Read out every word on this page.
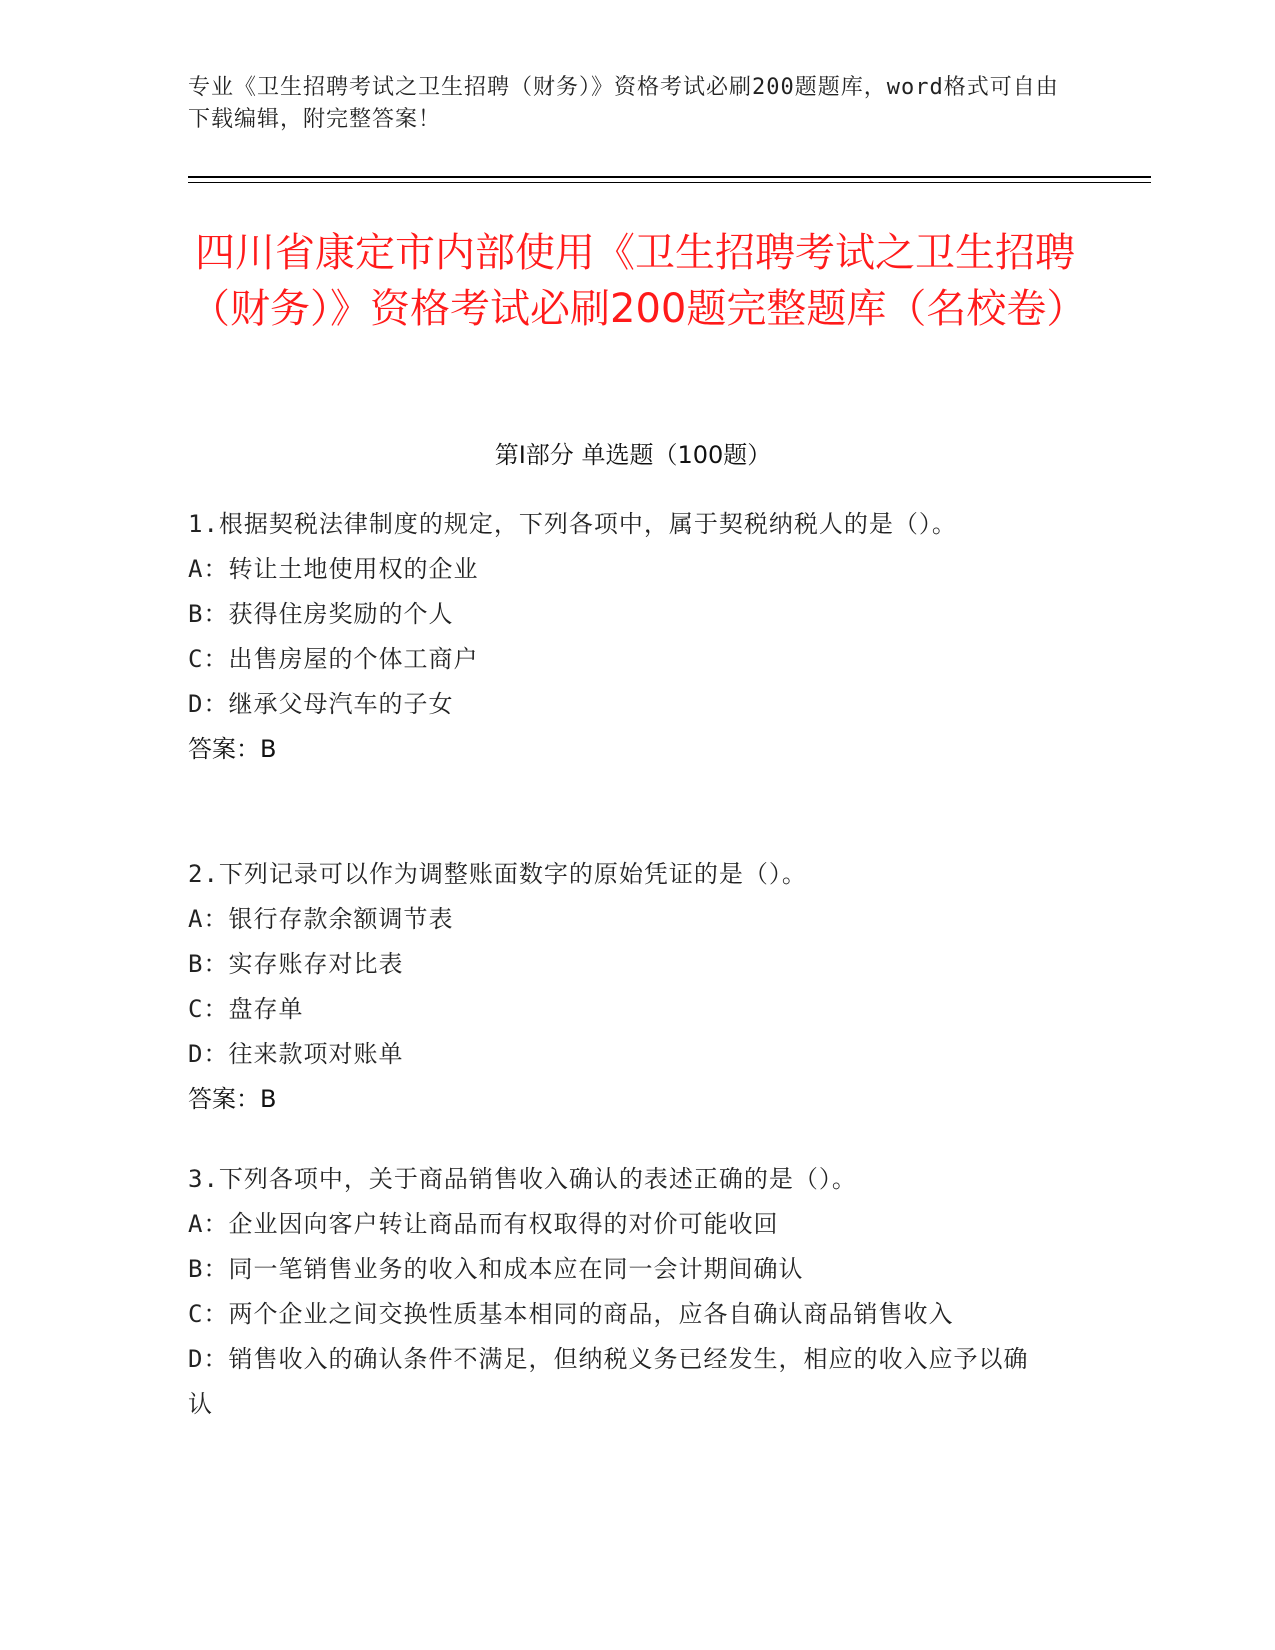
专业《卫生招聘考试之卫生招聘（财务）》资格考试必刷200题题库，word格式可自由下载编辑，附完整答案！
四川省康定市内部使用《卫生招聘考试之卫生招聘（财务）》资格考试必刷200题完整题库（名校卷）
第Ⅰ部分 单选题（100题）
1.根据契税法律制度的规定，下列各项中，属于契税纳税人的是（）。
A：转让土地使用权的企业
B：获得住房奖励的个人
C：出售房屋的个体工商户
D：继承父母汽车的子女
答案：B
2.下列记录可以作为调整账面数字的原始凭证的是（）。
A：银行存款余额调节表
B：实存账存对比表
C：盘存单
D：往来款项对账单
答案：B
3.下列各项中，关于商品销售收入确认的表述正确的是（）。
A：企业因向客户转让商品而有权取得的对价可能收回
B：同一笔销售业务的收入和成本应在同一会计期间确认
C：两个企业之间交换性质基本相同的商品，应各自确认商品销售收入
D：销售收入的确认条件不满足，但纳税义务已经发生，相应的收入应予以确认
